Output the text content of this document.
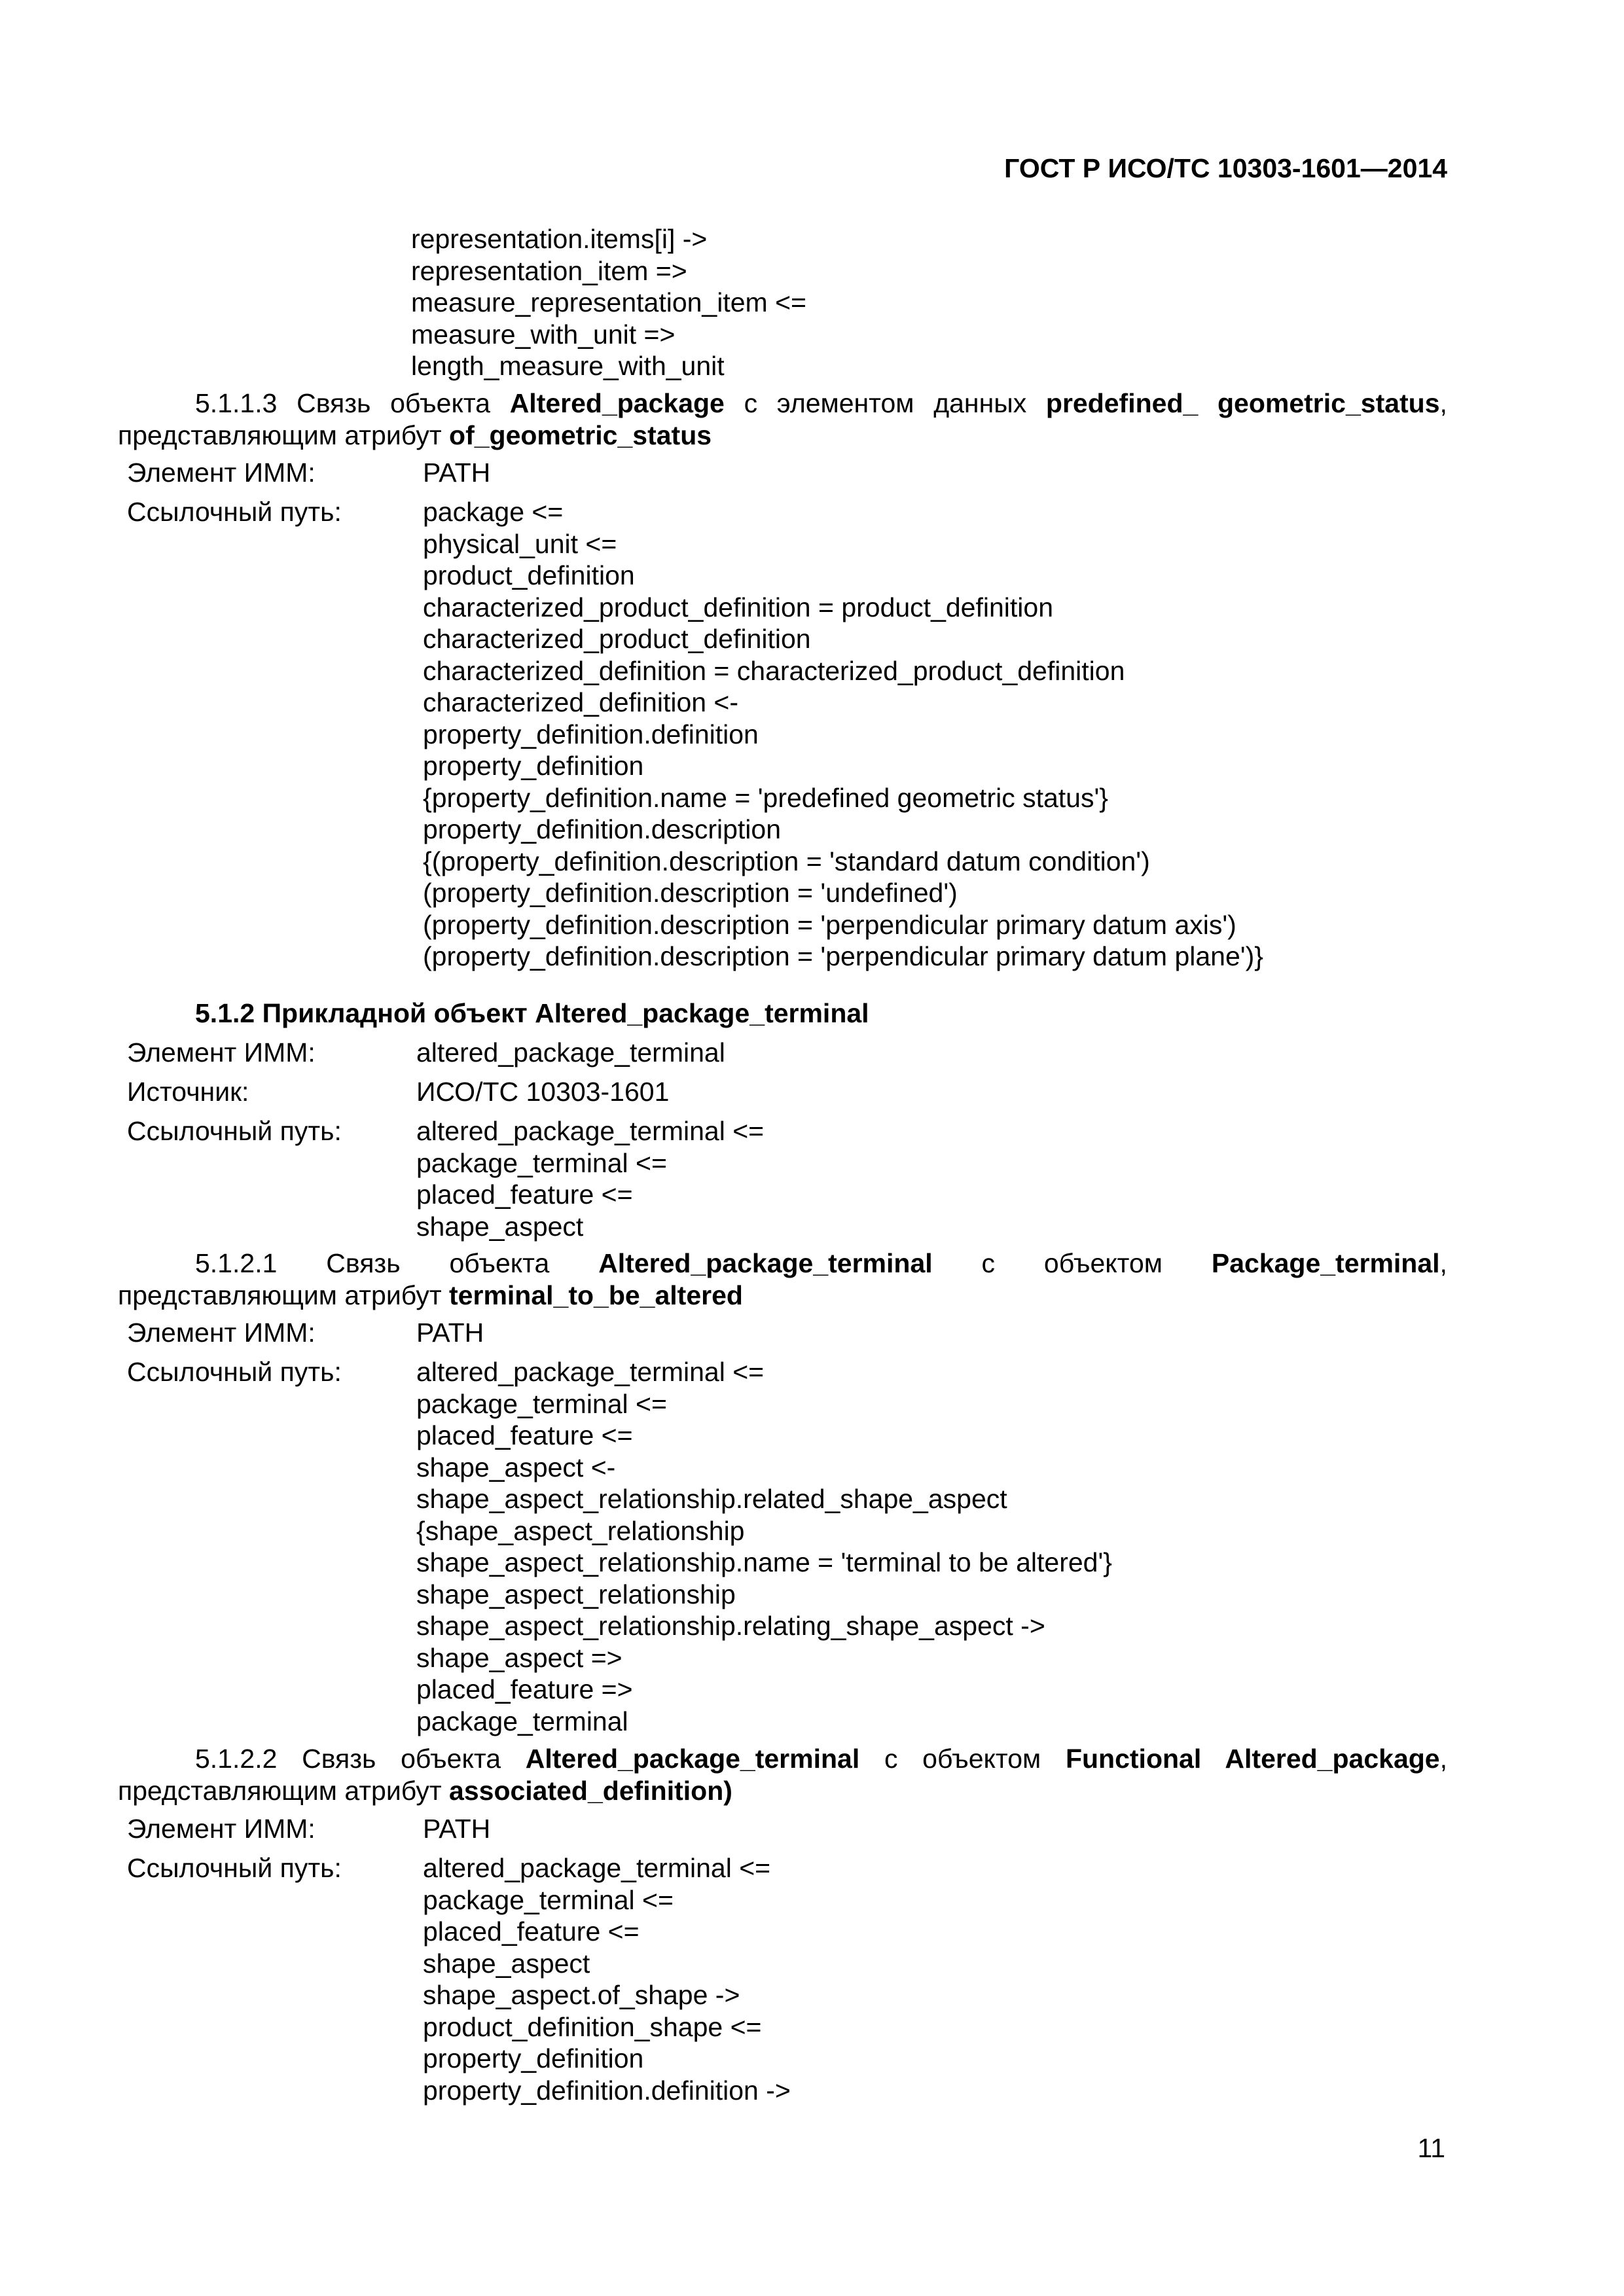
ГОСТ Р ИСО/ТС 10303-1601—2014
representation.items[i] ->
representation_item =>
measure_representation_item <=
measure_with_unit =>
length_measure_with_unit
5.1.1.3 Связь объекта Altered_package с элементом данных predefined_ geometric_status,
представляющим атрибут of_geometric_status
Элемент ИММ:	PATH
Ссылочный путь:	package <=
physical_unit <=
product_definition
characterized_product_definition = product_definition
characterized_product_definition
characterized_definition = characterized_product_definition
characterized_definition <-
property_definition.definition
property_definition
{property_definition.name = 'predefined geometric status'}
property_definition.description
{(property_definition.description = 'standard datum condition')
(property_definition.description = 'undefined')
(property_definition.description = 'perpendicular primary datum axis')
(property_definition.description = 'perpendicular primary datum plane')}
5.1.2 Прикладной объект Altered_package_terminal
Элемент ИММ:	altered_package_terminal
Источник:	ИСО/ТС 10303-1601
Ссылочный путь:	altered_package_terminal <=
package_terminal <=
placed_feature <=
shape_aspect
5.1.2.1 Связь объекта Altered_package_terminal с объектом Package_terminal,
представляющим атрибут terminal_to_be_altered
Элемент ИММ:	PATH
Ссылочный путь:	altered_package_terminal <=
package_terminal <=
placed_feature <=
shape_aspect <-
shape_aspect_relationship.related_shape_aspect
{shape_aspect_relationship
shape_aspect_relationship.name = 'terminal to be altered'}
shape_aspect_relationship
shape_aspect_relationship.relating_shape_aspect ->
shape_aspect =>
placed_feature =>
package_terminal
5.1.2.2 Связь объекта Altered_package_terminal с объектом Functional Altered_package,
представляющим атрибут associated_definition)
Элемент ИММ:	PATH
Ссылочный путь:	altered_package_terminal <=
package_terminal <=
placed_feature <=
shape_aspect
shape_aspect.of_shape ->
product_definition_shape <=
property_definition
property_definition.definition ->
11
